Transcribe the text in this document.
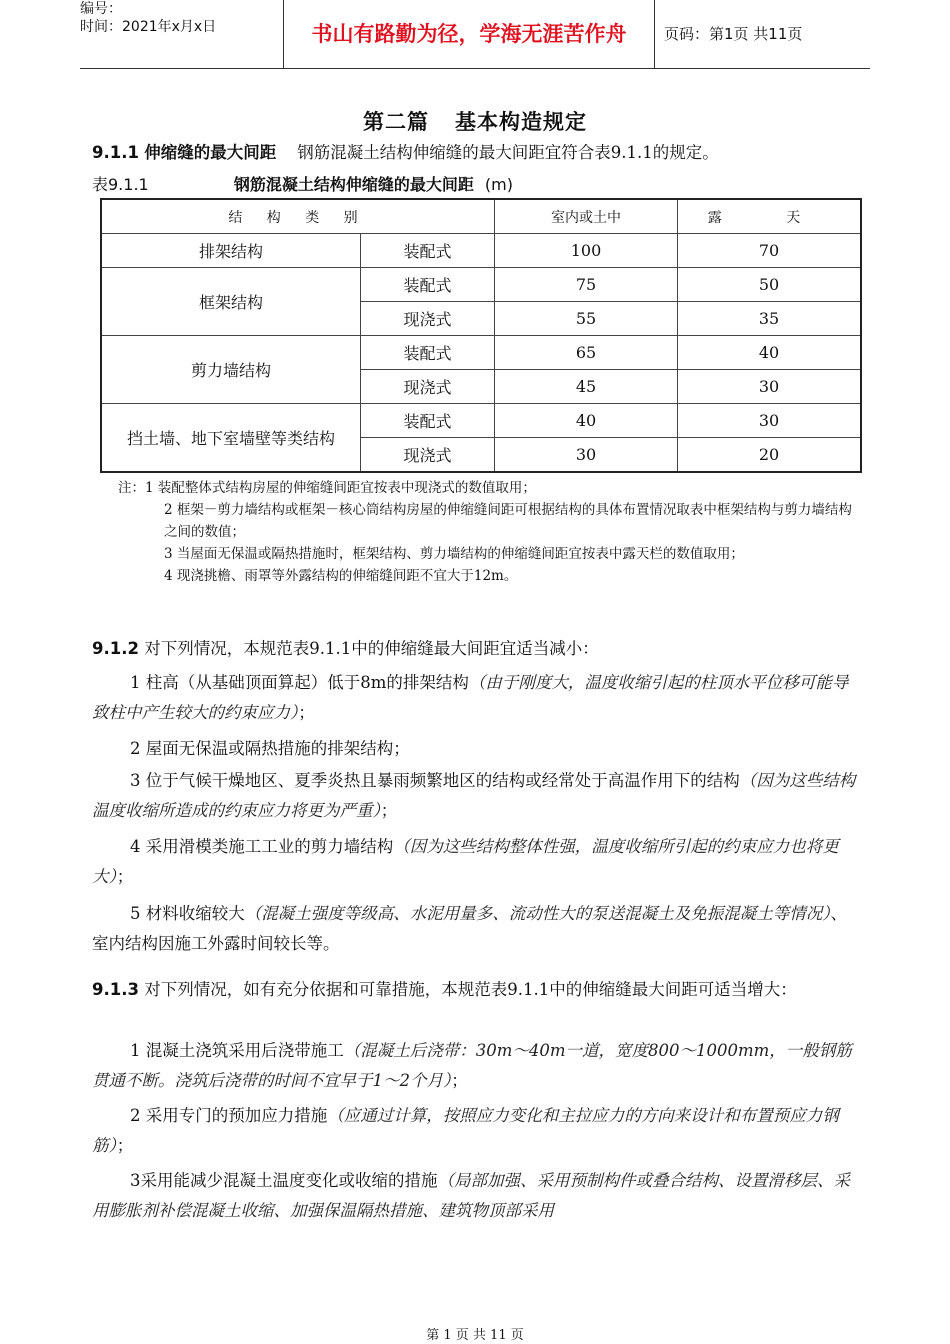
编号：
时间：2021年x月x日	书山有路勤为径，学海无涯苦作舟	页码：第1页 共11页
第二篇 基本构造规定
9.1.1 伸缩缝的最大间距 钢筋混凝土结构伸缩缝的最大间距宜符合表9.1.1的规定。
表9.1.1	钢筋混凝土结构伸缩缝的最大间距 (m)
结 构 类 别		室内或土中	露 天
排架结构	装配式	100	70
框架结构	装配式	75	50
	现浇式	55	35
剪力墙结构	装配式	65	40
	现浇式	45	30
挡土墙、地下室墙壁等类结构	装配式	40	30
	现浇式	30	20
注：1 装配整体式结构房屋的伸缩缝间距宜按表中现浇式的数值取用；
2 框架－剪力墙结构或框架－核心筒结构房屋的伸缩缝间距可根据结构的具体布置情况取表中框架结构与剪力墙结构之间的数值；
3 当屋面无保温或隔热措施时，框架结构、剪力墙结构的伸缩缝间距宜按表中露天栏的数值取用；
4 现浇挑檐、雨罩等外露结构的伸缩缝间距不宜大于12m。
9.1.2 对下列情况，本规范表9.1.1中的伸缩缝最大间距宜适当减小：
1 柱高（从基础顶面算起）低于8m的排架结构（由于刚度大，温度收缩引起的柱顶水平位移可能导致柱中产生较大的约束应力）；
2 屋面无保温或隔热措施的排架结构；
3 位于气候干燥地区、夏季炎热且暴雨频繁地区的结构或经常处于高温作用下的结构（因为这些结构温度收缩所造成的约束应力将更为严重）；
4 采用滑模类施工工业的剪力墙结构（因为这些结构整体性强，温度收缩所引起的约束应力也将更大）；
5 材料收缩较大（混凝土强度等级高、水泥用量多、流动性大的泵送混凝土及免振混凝土等情况）、室内结构因施工外露时间较长等。
9.1.3 对下列情况，如有充分依据和可靠措施，本规范表9.1.1中的伸缩缝最大间距可适当增大：
1 混凝土浇筑采用后浇带施工（混凝土后浇带：30m～40m一道，宽度800～1000mm，一般钢筋贯通不断。浇筑后浇带的时间不宜早于1～2个月）；
2 采用专门的预加应力措施（应通过计算，按照应力变化和主拉应力的方向来设计和布置预应力钢筋）；
3采用能减少混凝土温度变化或收缩的措施（局部加强、采用预制构件或叠合结构、设置滑移层、采用膨胀剂补偿混凝土收缩、加强保温隔热措施、建筑物顶部采用
第 1 页 共 11 页
